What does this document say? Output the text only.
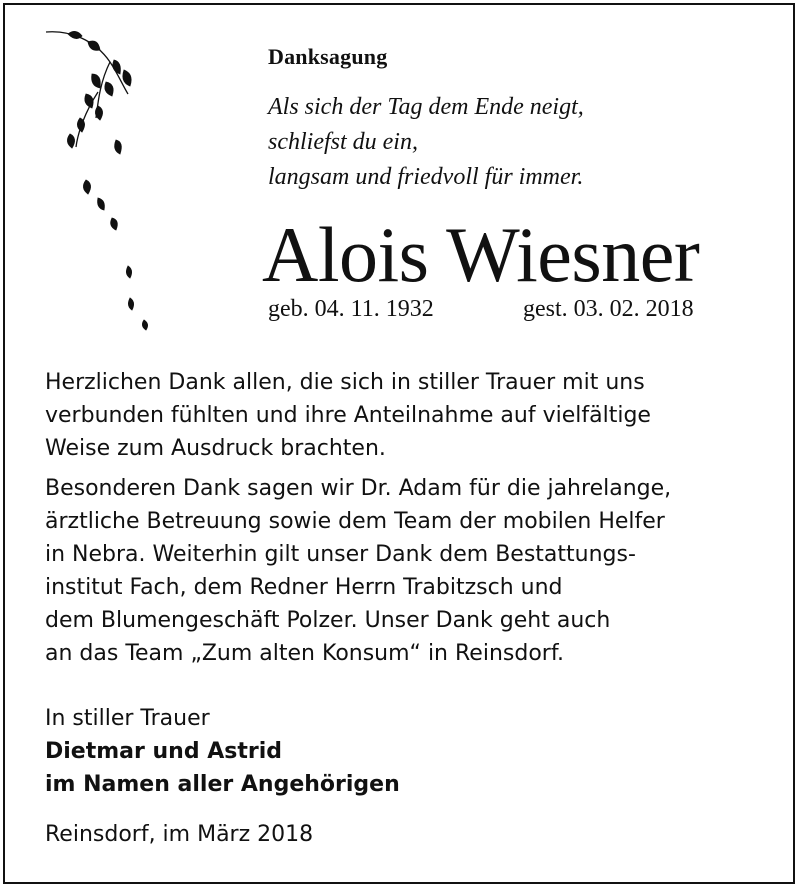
Danksagung
Als sich der Tag dem Ende neigt,
schliefst du ein,
langsam und friedvoll für immer.
Alois Wiesner
geb. 04. 11. 1932	gest. 03. 02. 2018
Herzlichen Dank allen, die sich in stiller Trauer mit uns
verbunden fühlten und ihre Anteilnahme auf vielfältige
Weise zum Ausdruck brachten.
Besonderen Dank sagen wir Dr. Adam für die jahrelange,
ärztliche Betreuung sowie dem Team der mobilen Helfer
in Nebra. Weiterhin gilt unser Dank dem Bestattungs-
institut Fach, dem Redner Herrn Trabitzsch und
dem Blumengeschäft Polzer. Unser Dank geht auch
an das Team „Zum alten Konsum“ in Reinsdorf.
In stiller Trauer
Dietmar und Astrid
im Namen aller Angehörigen
Reinsdorf, im März 2018
